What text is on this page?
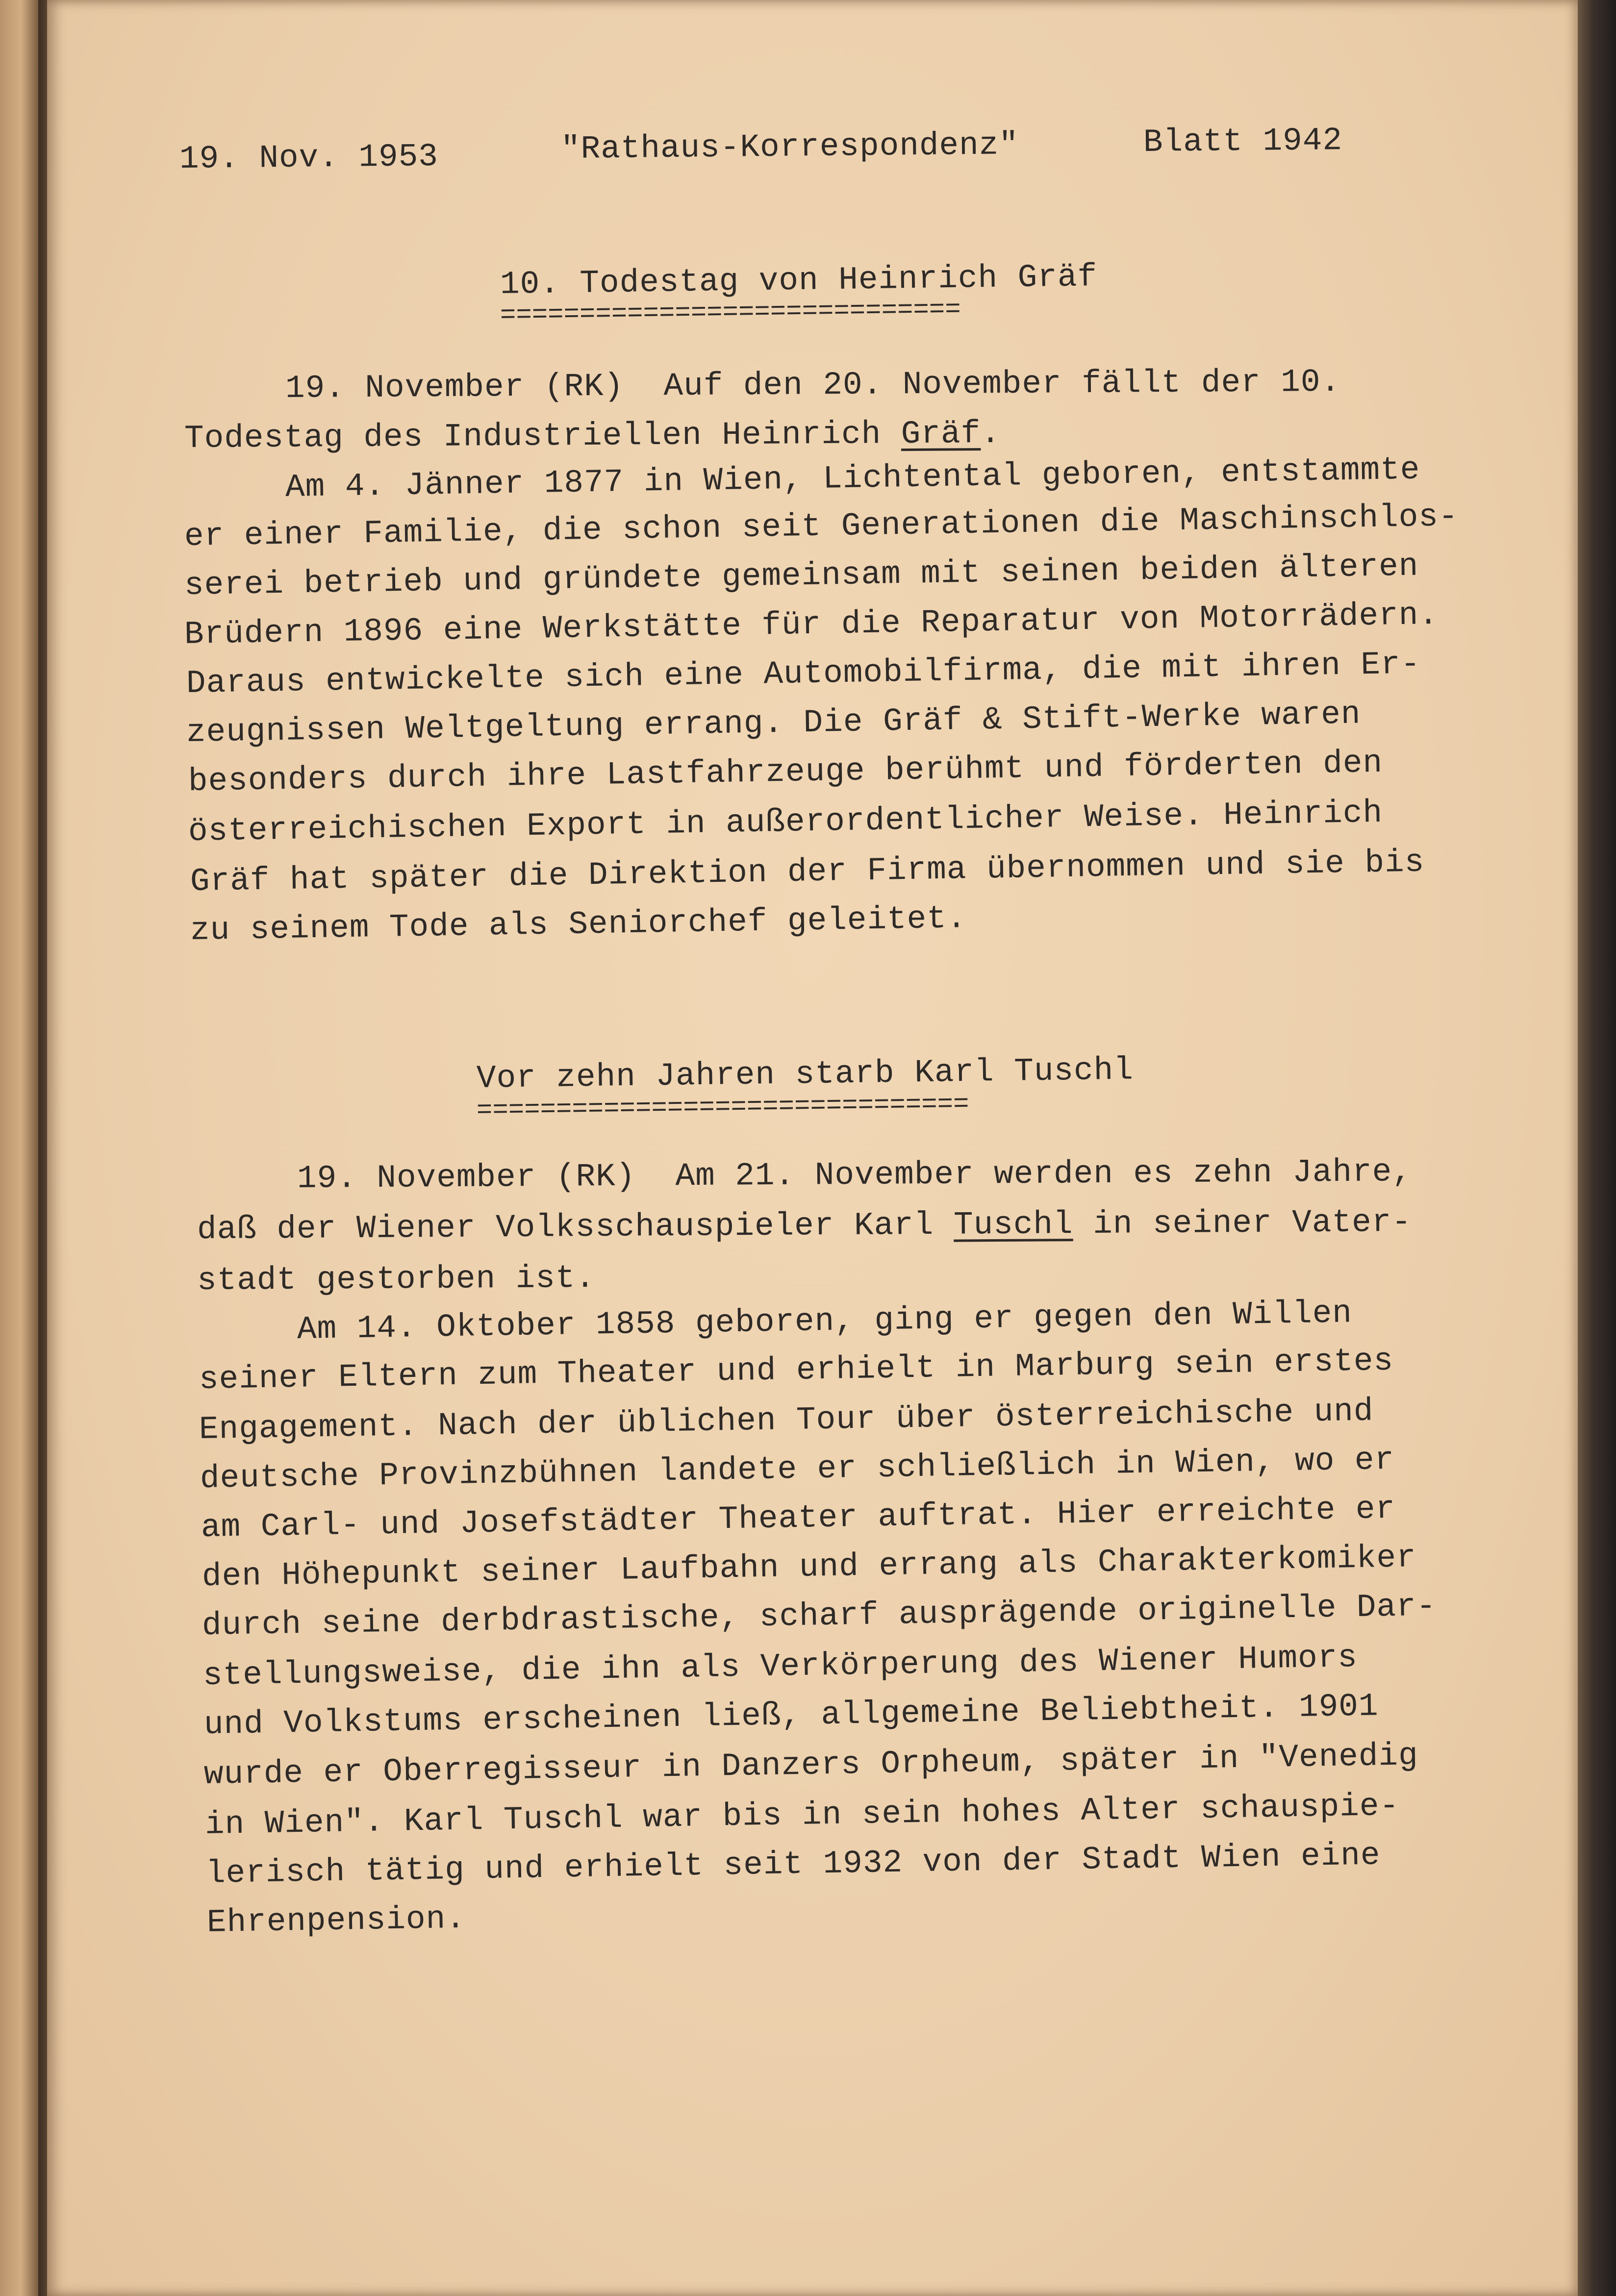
19. Nov. 1953	"Rathaus-Korrespondenz"	Blatt 1942
10. Todestag von Heinrich Gräf
=============================
19. November (RK)  Auf den 20. November fällt der 10.
Todestag des Industriellen Heinrich Gräf.
Am 4. Jänner 1877 in Wien, Lichtental geboren, entstammte
er einer Familie, die schon seit Generationen die Maschinschlos-
serei betrieb und gründete gemeinsam mit seinen beiden älteren
Brüdern 1896 eine Werkstätte für die Reparatur von Motorrädern.
Daraus entwickelte sich eine Automobilfirma, die mit ihren Er-
zeugnissen Weltgeltung errang. Die Gräf & Stift-Werke waren
besonders durch ihre Lastfahrzeuge berühmt und förderten den
österreichischen Export in außerordentlicher Weise. Heinrich
Gräf hat später die Direktion der Firma übernommen und sie bis
zu seinem Tode als Seniorchef geleitet.
Vor zehn Jahren starb Karl Tuschl
===============================
19. November (RK)  Am 21. November werden es zehn Jahre,
daß der Wiener Volksschauspieler Karl Tuschl in seiner Vater-
stadt gestorben ist.
Am 14. Oktober 1858 geboren, ging er gegen den Willen
seiner Eltern zum Theater und erhielt in Marburg sein erstes
Engagement. Nach der üblichen Tour über österreichische und
deutsche Provinzbühnen landete er schließlich in Wien, wo er
am Carl- und Josefstädter Theater auftrat. Hier erreichte er
den Höhepunkt seiner Laufbahn und errang als Charakterkomiker
durch seine derbdrastische, scharf ausprägende originelle Dar-
stellungsweise, die ihn als Verkörperung des Wiener Humors
und Volkstums erscheinen ließ, allgemeine Beliebtheit. 1901
wurde er Oberregisseur in Danzers Orpheum, später in "Venedig
in Wien". Karl Tuschl war bis in sein hohes Alter schauspie-
lerisch tätig und erhielt seit 1932 von der Stadt Wien eine
Ehrenpension.
